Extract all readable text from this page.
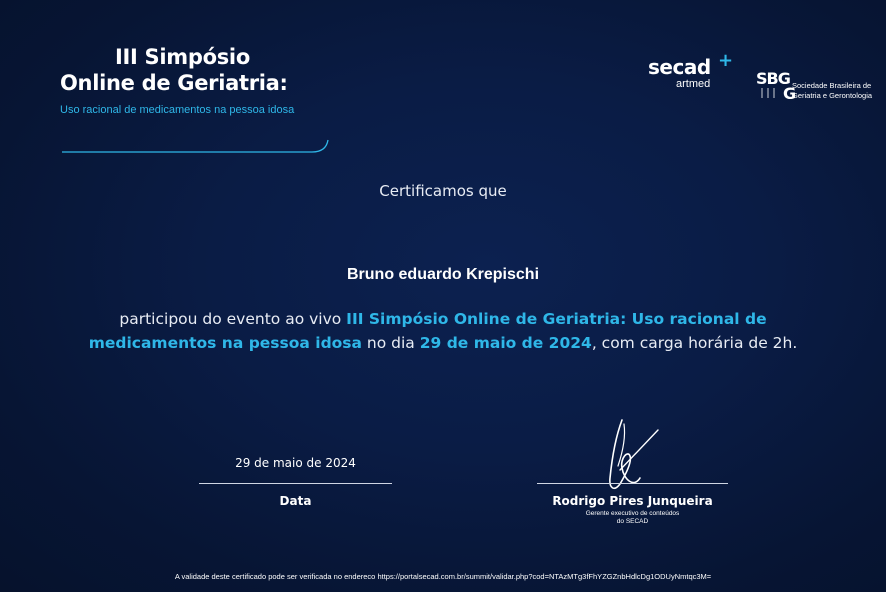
III Simpósio
Online de Geriatria:
Uso racional de medicamentos na pessoa idosa
secad +
artmed	SBG
G
Sociedade Brasileira de
Geriatria e Gerontologia
Certificamos que
Bruno eduardo Krepischi
participou do evento ao vivo III Simpósio Online de Geriatria: Uso racional de medicamentos na pessoa idosa no dia 29 de maio de 2024, com carga horária de 2h.
29 de maio de 2024
Data	Rodrigo Pires Junqueira
Gerente executivo de conteúdos
do SECAD
A validade deste certificado pode ser verificada no endereco https://portalsecad.com.br/summit/validar.php?cod=NTAzMTg3fFhYZGZnbHdlcDg1ODUyNmtqc3M=
